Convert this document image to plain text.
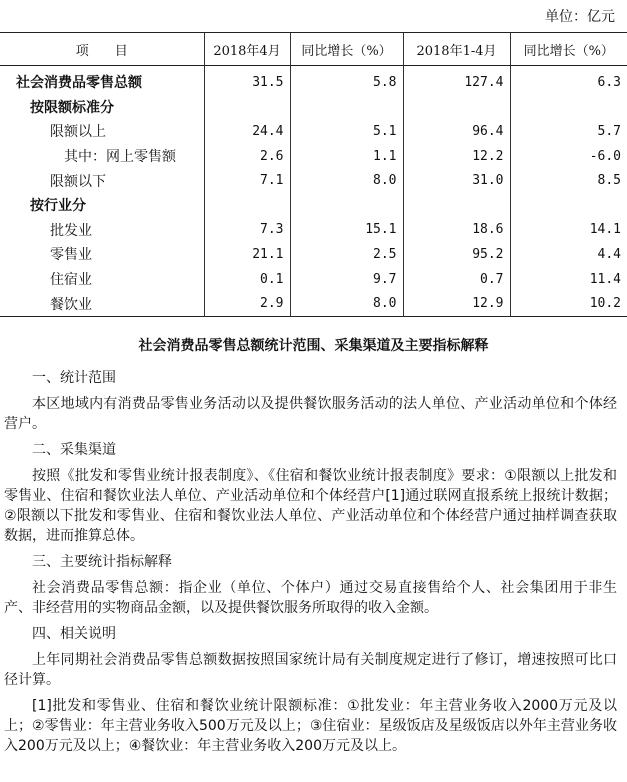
单位：亿元
项　　目	2018年4月	同比增长（%）	2018年1-4月	同比增长（%）
社会消费品零售总额	31.5	5.8	127.4	6.3
按限额标准分				
限额以上	24.4	5.1	96.4	5.7
其中：网上零售额	2.6	1.1	12.2	-6.0
限额以下	7.1	8.0	31.0	8.5
按行业分				
批发业	7.3	15.1	18.6	14.1
零售业	21.1	2.5	95.2	4.4
住宿业	0.1	9.7	0.7	11.4
餐饮业	2.9	8.0	12.9	10.2
社会消费品零售总额统计范围、采集渠道及主要指标解释

一、统计范围

本区地域内有消费品零售业务活动以及提供餐饮服务活动的法人单位、产业活动单位和个体经营户。

二、采集渠道

按照《批发和零售业统计报表制度》、《住宿和餐饮业统计报表制度》要求：①限额以上批发和零售业、住宿和餐饮业法人单位、产业活动单位和个体经营户[1]通过联网直报系统上报统计数据；②限额以下批发和零售业、住宿和餐饮业法人单位、产业活动单位和个体经营户通过抽样调查获取数据，进而推算总体。

三、主要统计指标解释

社会消费品零售总额：指企业（单位、个体户）通过交易直接售给个人、社会集团用于非生产、非经营用的实物商品金额，以及提供餐饮服务所取得的收入金额。

四、相关说明

上年同期社会消费品零售总额数据按照国家统计局有关制度规定进行了修订，增速按照可比口径计算。

[1]批发和零售业、住宿和餐饮业统计限额标准：①批发业：年主营业务收入2000万元及以上；②零售业：年主营业务收入500万元及以上；③住宿业：星级饭店及星级饭店以外年主营业务收入200万元及以上；④餐饮业：年主营业务收入200万元及以上。
